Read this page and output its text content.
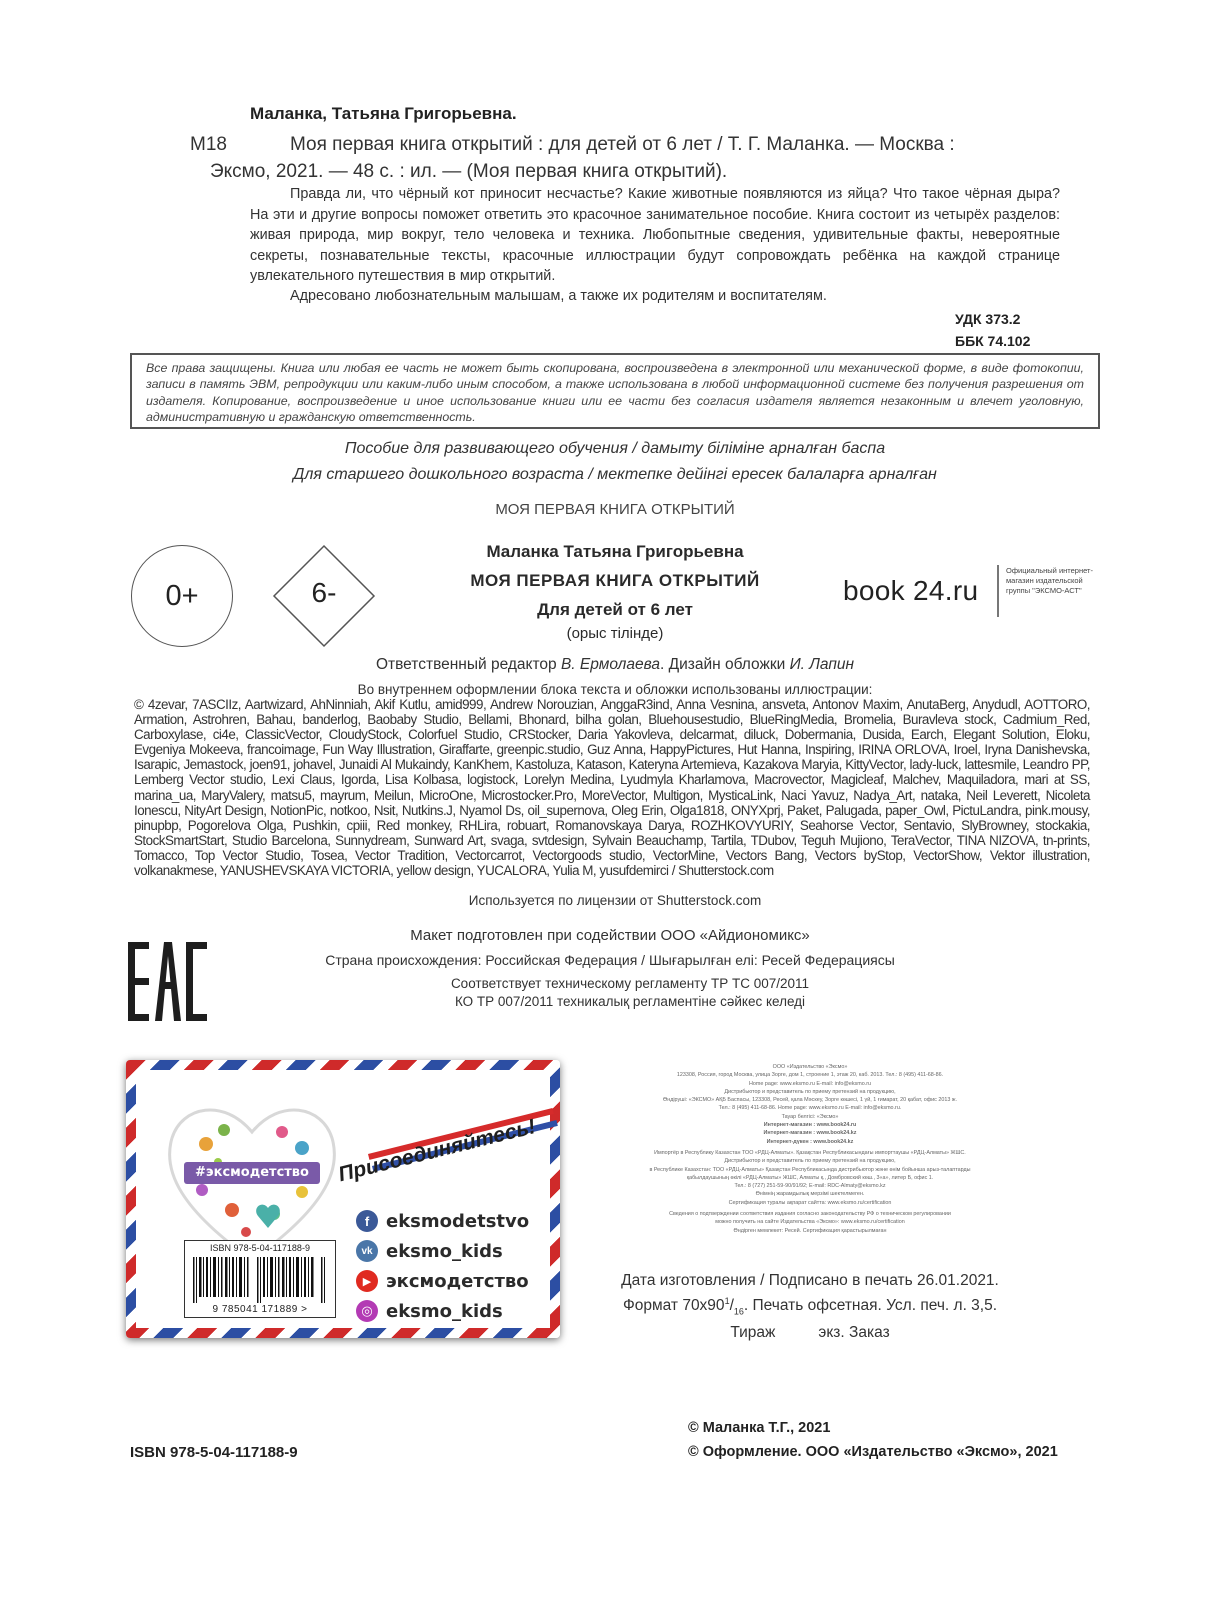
Маланка, Татьяна Григорьевна.
М18	Моя первая книга открытий : для детей от 6 лет / Т. Г. Маланка. — Москва :
Эксмо, 2021. — 48 с. : ил. — (Моя первая книга открытий).
Правда ли, что чёрный кот приносит несчастье? Какие животные появляются из яйца? Что такое чёрная дыра? На эти и другие вопросы поможет ответить это красочное занимательное пособие. Книга состоит из четырёх разделов: живая природа, мир вокруг, тело человека и техника. Любопытные сведения, удивительные факты, невероятные секреты, познавательные тексты, красочные иллюстрации будут сопровождать ребёнка на каждой странице увлекательного путешествия в мир открытий.
Адресовано любознательным малышам, а также их родителям и воспитателям.
УДК 373.2
ББК 74.102
Все права защищены. Книга или любая ее часть не может быть скопирована, воспроизведена в электронной или механической форме, в виде фотокопии, записи в память ЭВМ, репродукции или каким-либо иным способом, а также использована в любой информационной системе без получения разрешения от издателя. Копирование, воспроизведение и иное использование книги или ее части без согласия издателя является незаконным и влечет уголовную, административную и гражданскую ответственность.
Пособие для развивающего обучения / дамыту біліміне арналған баспа
Для старшего дошкольного возраста / мектепке дейінгі ересек балаларға арналған
МОЯ ПЕРВАЯ КНИГА ОТКРЫТИЙ
0+	6-
Маланка Татьяна Григорьевна
МОЯ ПЕРВАЯ КНИГА ОТКРЫТИЙ
Для детей от 6 лет
(орыс тілінде)
book 24.ru
Официальный интернет-магазин издательской группы "ЭКСМО-АСТ"
Ответственный редактор В. Ермолаева. Дизайн обложки И. Лапин
Во внутреннем оформлении блока текста и обложки использованы иллюстрации:
© 4zevar, 7ASCIIz, Aartwizard, AhNinniah, Akif Kutlu, amid999, Andrew Norouzian, AnggaR3ind, Anna Vesnina, ansveta, Antonov Maxim, AnutaBerg, Anydudl, AOTTORO, Armation, Astrohren, Bahau, banderlog, Baobaby Studio, Bellami, Bhonard, bilha golan, Bluehousestudio, BlueRingMedia, Bromelia, Buravleva stock, Cadmium_Red, Carboxylase, ci4e, ClassicVector, CloudyStock, Colorfuel Studio, CRStocker, Daria Yakovleva, delcarmat, diluck, Dobermania, Dusida, Earch, Elegant Solution, Eloku, Evgeniya Mokeeva, francoimage, Fun Way Illustration, Giraffarte, greenpic.studio, Guz Anna, HappyPictures, Hut Hanna, Inspiring, IRINA ORLOVA, Iroel, Iryna Danishevska, Isarapic, Jemastock, joen91, johavel, Junaidi Al Mukaindy, KanKhem, Kastoluza, Katason, Kateryna Artemieva, Kazakova Maryia, KittyVector, lady-luck, lattesmile, Leandro PP, Lemberg Vector studio, Lexi Claus, Igorda, Lisa Kolbasa, logistock, Lorelyn Medina, Lyudmyla Kharlamova, Macrovector, Magicleaf, Malchev, Maquiladora, mari at SS, marina_ua, MaryValery, matsu5, mayrum, Meilun, MicroOne, Microstocker.Pro, MoreVector, Multigon, MysticaLink, Naci Yavuz, Nadya_Art, nataka, Neil Leverett, Nicoleta Ionescu, NityArt Design, NotionPic, notkoo, Nsit, Nutkins.J, Nyamol Ds, oil_supernova, Oleg Erin, Olga1818, ONYXprj, Paket, Palugada, paper_Owl, PictuLandra, pink.mousy, pinupbp, Pogorelova Olga, Pushkin, cpiii, Red monkey, RHLira, robuart, Romanovskaya Darya, ROZHKOVYURIY, Seahorse Vector, Sentavio, SlyBrowney, stockakia, StockSmartStart, Studio Barcelona, Sunnydream, Sunward Art, svaga, svtdesign, Sylvain Beauchamp, Tartila, TDubov, Teguh Mujiono, TeraVector, TINA NIZOVA, tn-prints, Tomacco, Top Vector Studio, Tosea, Vector Tradition, Vectorcarrot, Vectorgoods studio, VectorMine, Vectors Bang, Vectors byStop, VectorShow, Vektor illustration, volkanakmese, YANUSHEVSKAYA VICTORIA, yellow design, YUCALORA, Yulia M, yusufdemirci / Shutterstock.com
Используется по лицензии от Shutterstock.com
Макет подготовлен при содействии ООО «Айдиономикс»
Страна происхождения: Российская Федерация / Шығарылған елі: Ресей Федерациясы
Соответствует техническому регламенту ТР ТС 007/2011
КО ТР 007/2011 техникалық регламентіне сәйкес келеді
#эксмодетство	Присоединяйтесь!
f eksmodetstvo
vk eksmo_kids
▶ эксмодетство
◎ eksmo_kids
ISBN 978-5-04-117188-9
9 785041 171889 >
ООО «Издательство «Эксмо»
123308, Россия, город Москва, улица Зорге, дом 1, строение 1, этаж 20, каб. 2013. Тел.: 8 (495) 411-68-86.
Home page: www.eksmo.ru E-mail: info@eksmo.ru
Дистрибьютор и представитель по приему претензий на продукцию,
Өндіруші: «ЭКСМО» АҚБ Баспасы, 123308, Ресей, қала Мәскеу, Зорге көшесі, 1 үй, 1 ғимарат, 20 қабат, офис 2013 ж.
Тел.: 8 (495) 411-68-86. Home page: www.eksmo.ru E-mail: info@eksmo.ru.
Тауар белгісі: «Эксмо»
Интернет-магазин : www.book24.ru
Интернет-магазин : www.book24.kz
Интернет-дүкен : www.book24.kz
Импортёр в Республику Казахстан ТОО «РДЦ-Алматы». Қазақстан Республикасындағы импорттаушы «РДЦ-Алматы» ЖШС.
Дистрибьютор и представитель по приему претензий на продукцию,
в Республике Казахстан: ТОО «РДЦ-Алматы» Қазақстан Республикасында дистрибьютор және өнім бойынша арыз-талаптарды
қабылдаушының өкілі «РДЦ-Алматы» ЖШС, Алматы қ., Домбровский көш., 3«а», литер Б, офис 1.
Тел.: 8 (727) 251-59-90/91/92; E-mail: RDC-Almaty@eksmo.kz
Өнімнің жарамдылық мерзімі шектелмеген.
Сертификация туралы ақпарат сайтта: www.eksmo.ru/certification
Сведения о подтверждении соответствия издания согласно законодательству РФ о техническом регулировании
можно получить на сайте Издательства «Эксмо»: www.eksmo.ru/certification
Өндірген мемлекет: Ресей. Сертификация қарастырылмаған
Дата изготовления / Подписано в печать 26.01.2021.
Формат $70х90^1/_{16}$. Печать офсетная. Усл. печ. л. 3,5.
Тираж          экз. Заказ
ISBN 978-5-04-117188-9
© Маланка Т.Г., 2021
© Оформление. ООО «Издательство «Эксмо», 2021
